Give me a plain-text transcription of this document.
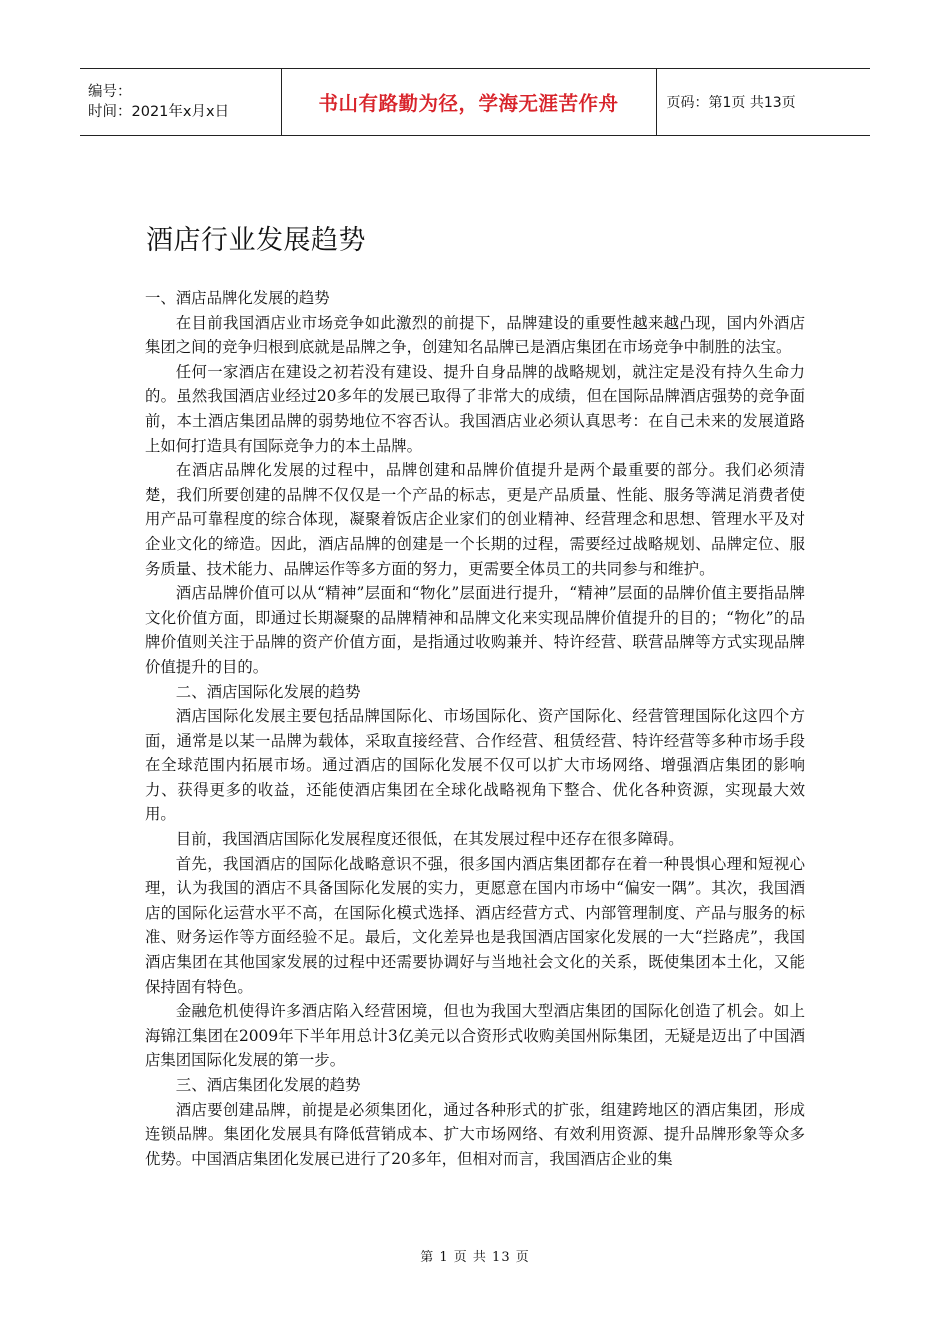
编号：
时间：2021年x月x日	书山有路勤为径，学海无涯苦作舟	页码：第1页 共13页
酒店行业发展趋势

一、酒店品牌化发展的趋势

在目前我国酒店业市场竞争如此激烈的前提下，品牌建设的重要性越来越凸现，国内外酒店集团之间的竞争归根到底就是品牌之争，创建知名品牌已是酒店集团在市场竞争中制胜的法宝。

任何一家酒店在建设之初若没有建设、提升自身品牌的战略规划，就注定是没有持久生命力的。虽然我国酒店业经过20多年的发展已取得了非常大的成绩，但在国际品牌酒店强势的竞争面前，本土酒店集团品牌的弱势地位不容否认。我国酒店业必须认真思考：在自己未来的发展道路上如何打造具有国际竞争力的本土品牌。

在酒店品牌化发展的过程中，品牌创建和品牌价值提升是两个最重要的部分。我们必须清楚，我们所要创建的品牌不仅仅是一个产品的标志，更是产品质量、性能、服务等满足消费者使用产品可靠程度的综合体现，凝聚着饭店企业家们的创业精神、经营理念和思想、管理水平及对企业文化的缔造。因此，酒店品牌的创建是一个长期的过程，需要经过战略规划、品牌定位、服务质量、技术能力、品牌运作等多方面的努力，更需要全体员工的共同参与和维护。

酒店品牌价值可以从“精神”层面和“物化”层面进行提升，“精神”层面的品牌价值主要指品牌文化价值方面，即通过长期凝聚的品牌精神和品牌文化来实现品牌价值提升的目的；“物化”的品牌价值则关注于品牌的资产价值方面，是指通过收购兼并、特许经营、联营品牌等方式实现品牌价值提升的目的。

二、酒店国际化发展的趋势

酒店国际化发展主要包括品牌国际化、市场国际化、资产国际化、经营管理国际化这四个方面，通常是以某一品牌为载体，采取直接经营、合作经营、租赁经营、特许经营等多种市场手段在全球范围内拓展市场。通过酒店的国际化发展不仅可以扩大市场网络、增强酒店集团的影响力、获得更多的收益，还能使酒店集团在全球化战略视角下整合、优化各种资源，实现最大效用。

目前，我国酒店国际化发展程度还很低，在其发展过程中还存在很多障碍。

首先，我国酒店的国际化战略意识不强，很多国内酒店集团都存在着一种畏惧心理和短视心理，认为我国的酒店不具备国际化发展的实力，更愿意在国内市场中“偏安一隅”。其次，我国酒店的国际化运营水平不高，在国际化模式选择、酒店经营方式、内部管理制度、产品与服务的标准、财务运作等方面经验不足。最后，文化差异也是我国酒店国家化发展的一大“拦路虎”，我国酒店集团在其他国家发展的过程中还需要协调好与当地社会文化的关系，既使集团本土化，又能保持固有特色。

金融危机使得许多酒店陷入经营困境，但也为我国大型酒店集团的国际化创造了机会。如上海锦江集团在2009年下半年用总计3亿美元以合资形式收购美国州际集团，无疑是迈出了中国酒店集团国际化发展的第一步。

三、酒店集团化发展的趋势

酒店要创建品牌，前提是必须集团化，通过各种形式的扩张，组建跨地区的酒店集团，形成连锁品牌。集团化发展具有降低营销成本、扩大市场网络、有效利用资源、提升品牌形象等众多优势。中国酒店集团化发展已进行了20多年，但相对而言，我国酒店企业的集

第 1 页 共 13 页
